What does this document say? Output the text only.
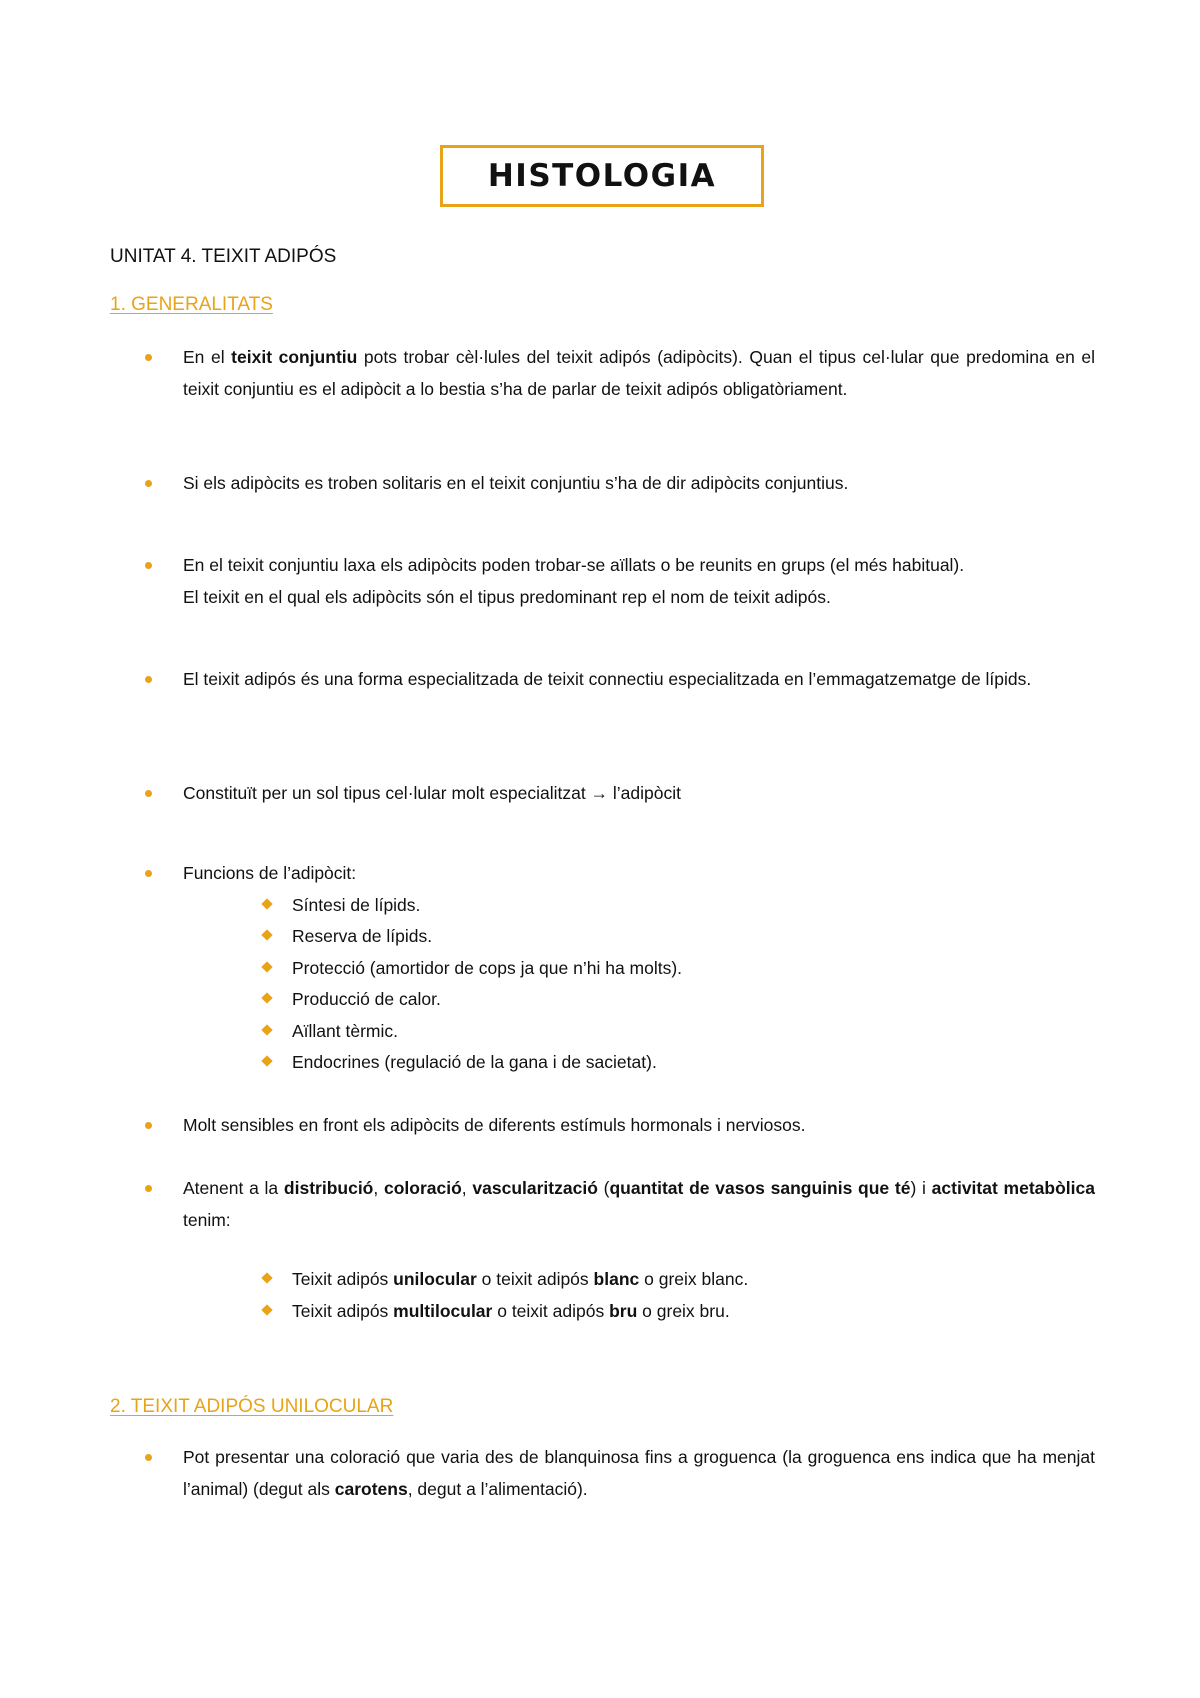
HISTOLOGIA
UNITAT 4. TEIXIT ADIPÓS
1. GENERALITATS
En el teixit conjuntiu pots trobar cèl·lules del teixit adipós (adipòcits). Quan el tipus cel·lular que predomina en el teixit conjuntiu es el adipòcit a lo bestia s’ha de parlar de teixit adipós obligatòriament.
Si els adipòcits es troben solitaris en el teixit conjuntiu s’ha de dir adipòcits conjuntius.
En el teixit conjuntiu laxa els adipòcits poden trobar-se aïllats o be reunits en grups (el més habitual).
El teixit en el qual els adipòcits són el tipus predominant rep el nom de teixit adipós.
El teixit adipós és una forma especialitzada de teixit connectiu especialitzada en l’emmagatzematge de lípids.
Constituït per un sol tipus cel·lular molt especialitzat → l’adipòcit
Funcions de l’adipòcit:
Síntesi de lípids.
Reserva de lípids.
Protecció (amortidor de cops ja que n’hi ha molts).
Producció de calor.
Aïllant tèrmic.
Endocrines (regulació de la gana i de sacietat).
Molt sensibles en front els adipòcits de diferents estímuls hormonals i nerviosos.
Atenent a la distribució, coloració, vascularització (quantitat de vasos sanguinis que té) i activitat metabòlica tenim:
Teixit adipós unilocular o teixit adipós blanc o greix blanc.
Teixit adipós multilocular o teixit adipós bru o greix bru.
2. TEIXIT ADIPÓS UNILOCULAR
Pot presentar una coloració que varia des de blanquinosa fins a groguenca (la groguenca ens indica que ha menjat l’animal) (degut als carotens, degut a l’alimentació).
